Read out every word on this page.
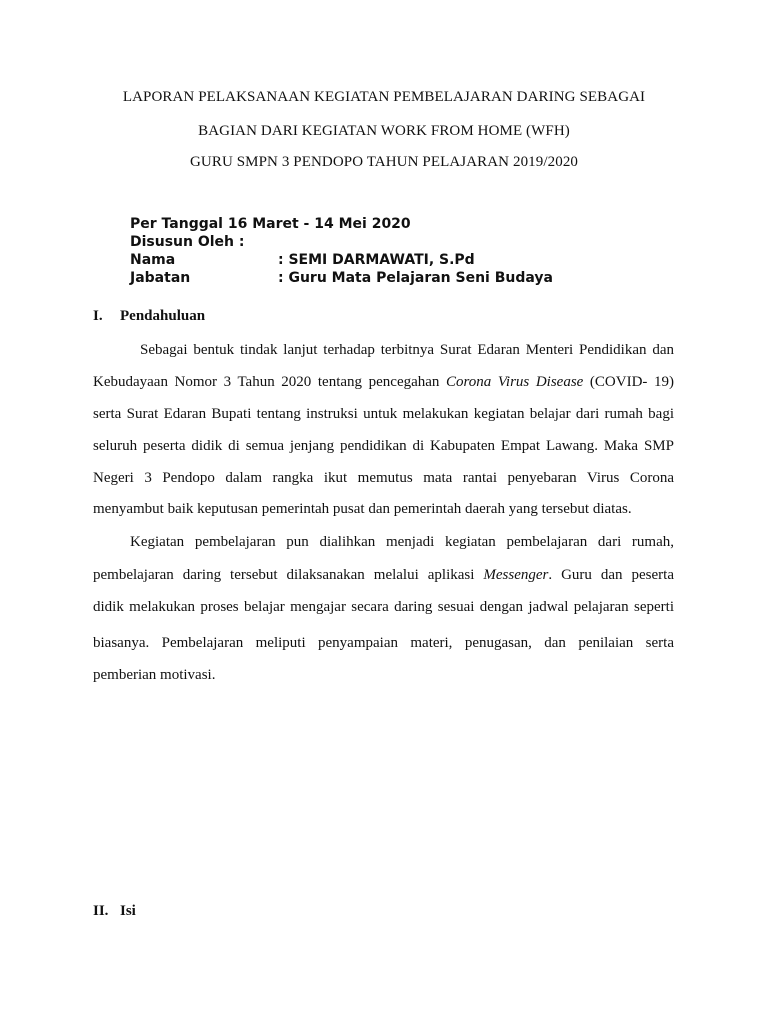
LAPORAN PELAKSANAAN KEGIATAN PEMBELAJARAN DARING SEBAGAI
BAGIAN DARI KEGIATAN WORK FROM HOME (WFH)
GURU SMPN 3 PENDOPO TAHUN PELAJARAN 2019/2020
Per Tanggal 16 Maret - 14 Mei 2020
Disusun Oleh :
Nama	: SEMI DARMAWATI, S.Pd
Jabatan	: Guru Mata Pelajaran Seni Budaya
I. Pendahuluan
Sebagai bentuk tindak lanjut terhadap terbitnya Surat Edaran Menteri Pendidikan dan
Kebudayaan Nomor 3 Tahun 2020 tentang pencegahan Corona Virus Disease (COVID- 19)
serta Surat Edaran Bupati tentang instruksi untuk melakukan kegiatan belajar dari rumah bagi
seluruh peserta didik di semua jenjang pendidikan di Kabupaten Empat Lawang. Maka SMP
Negeri 3 Pendopo dalam rangka ikut memutus mata rantai penyebaran Virus Corona
menyambut baik keputusan pemerintah pusat dan pemerintah daerah yang tersebut diatas.
Kegiatan pembelajaran pun dialihkan menjadi kegiatan pembelajaran dari rumah,
pembelajaran daring tersebut dilaksanakan melalui aplikasi Messenger. Guru dan peserta
didik melakukan proses belajar mengajar secara daring sesuai dengan jadwal pelajaran seperti
biasanya. Pembelajaran meliputi penyampaian materi, penugasan, dan penilaian serta
pemberian motivasi.
II. Isi
